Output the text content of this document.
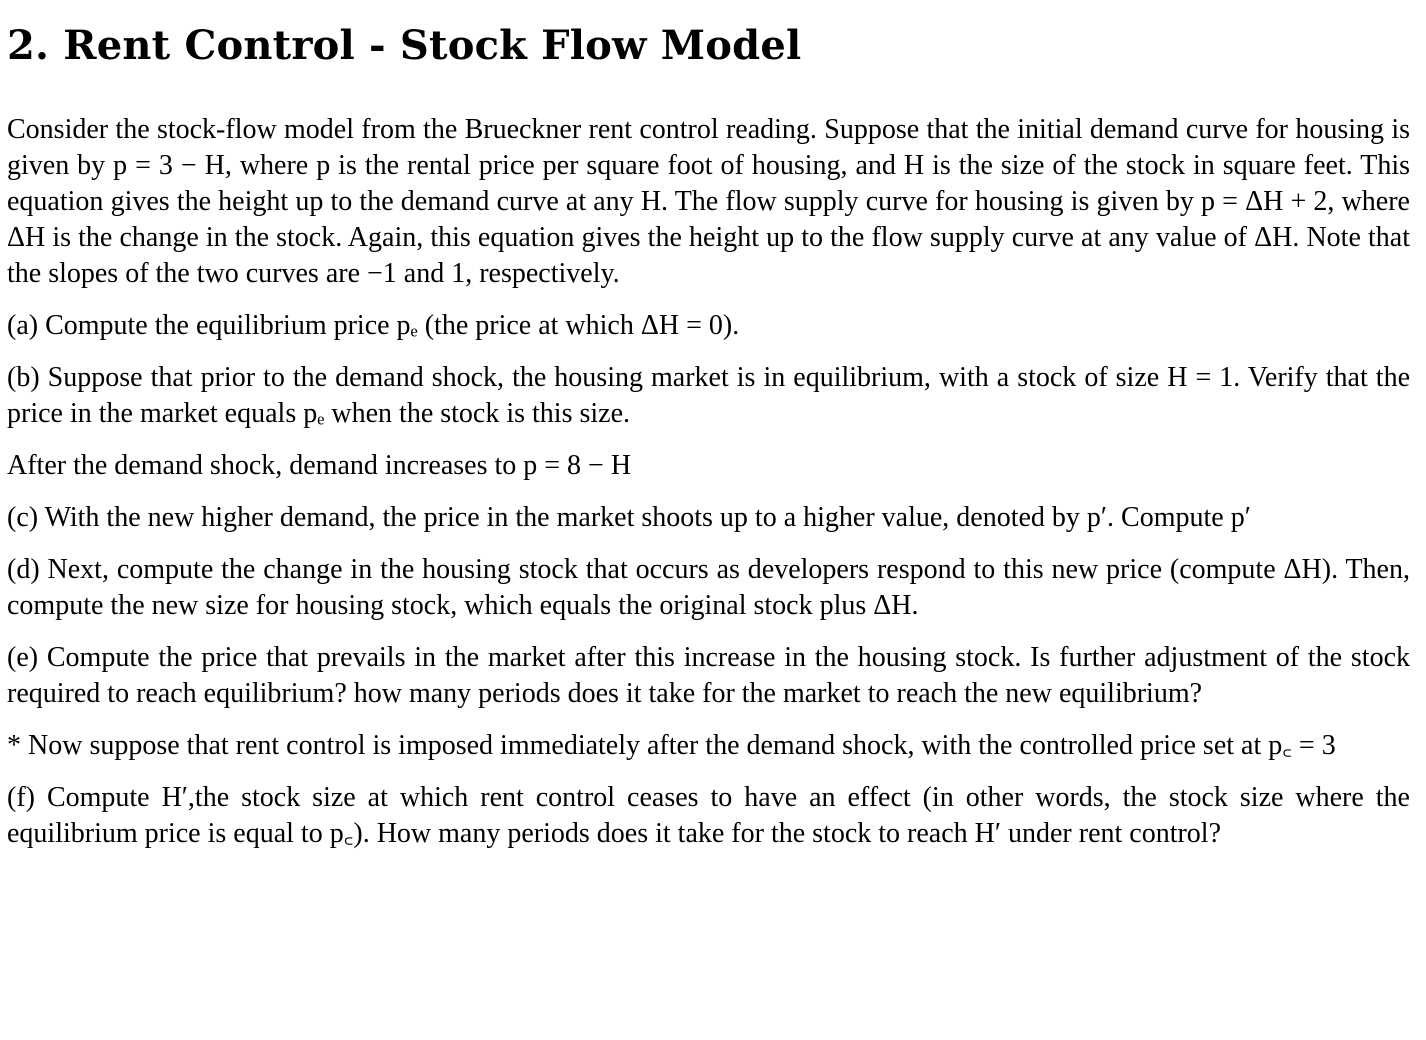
2. Rent Control - Stock Flow Model

Consider the stock-flow model from the Brueckner rent control reading. Suppose that the initial demand curve for housing is given by p = 3 − H, where p is the rental price per square foot of housing, and H is the size of the stock in square feet. This equation gives the height up to the demand curve at any H. The flow supply curve for housing is given by p = ΔH + 2, where ΔH is the change in the stock. Again, this equation gives the height up to the flow supply curve at any value of ΔH. Note that the slopes of the two curves are −1 and 1, respectively.

(a) Compute the equilibrium price pₑ (the price at which ΔH = 0).

(b) Suppose that prior to the demand shock, the housing market is in equilibrium, with a stock of size H = 1. Verify that the price in the market equals pₑ when the stock is this size.

After the demand shock, demand increases to p = 8 − H

(c) With the new higher demand, the price in the market shoots up to a higher value, denoted by p′. Compute p′

(d) Next, compute the change in the housing stock that occurs as developers respond to this new price (compute ΔH). Then, compute the new size for housing stock, which equals the original stock plus ΔH.

(e) Compute the price that prevails in the market after this increase in the housing stock. Is further adjustment of the stock required to reach equilibrium? how many periods does it take for the market to reach the new equilibrium?

* Now suppose that rent control is imposed immediately after the demand shock, with the controlled price set at p꜀ = 3

(f) Compute H′,the stock size at which rent control ceases to have an effect (in other words, the stock size where the equilibrium price is equal to p꜀). How many periods does it take for the stock to reach H′ under rent control?
